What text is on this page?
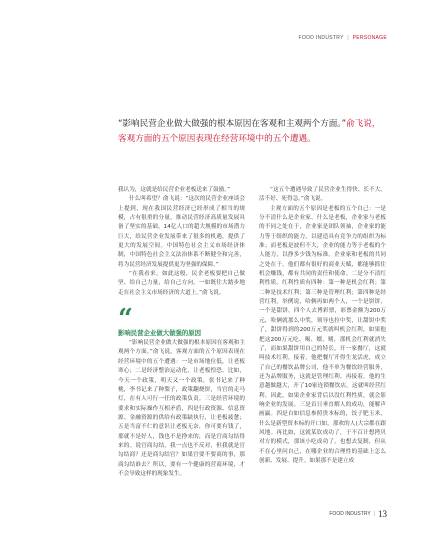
FOOD INDUSTRY | PERSONAGE
“影响民营企业做大做强的根本原因在客观和主观两个方面。”俞飞说，客观方面的五个原因表现在经营环境中的五个遭遇。

我认为，这就是给民营企业老板送来了鼓励。”

什么叫希望？俞飞说：“这次的民营企业座谈会上提到，现在我国民营经济已经形成了相当的规模，占有很重的分量。推动民营经济高质量发展具备了坚实的基础。14亿人口的超大规模的市场潜力巨大，给民营企业发展带来了很多的机遇，提供了更大的发展空间。中国特色社会主义市场经济体制，中国特色社会主义法治体系不断健全和完善，将为民营经济发展提供更为坚强的保障。”

“在我看来，如此这般，民企老板要把自己做坚、给自己力量，给自己方向，一如既往大踏步地走在社会主义市场经济的大道上。”俞飞说。

“
影响民营企业做大做强的原因

“影响民营企业做大做强的根本原因在客观和主观两个方面。”俞飞说，客观方面的五个原因表现在经营环境中的五个遭遇：一是市场地位低，让老板寒心；二是经济整治运动化，让老板惶恐。比如，今天一个政策，明天又一个政策，张书记来了种桃，李书记来了种梨子，政策翻烧饼，当官的走马灯，在有人可行一任的政策负责。三是经营环境的要求和实际操作互相矛盾，四是行政资源、信息资源、金融资源的供给有政策缺执行，让老板疲惫；五是当富不仁的意识让老板无奈，你可要有钱了，那就不是好人，钱也不是挣来的，而是官商勾结得来的。说官商勾结，我一点也不反对，但我就是官勾结商？还是商勾结官？如果官要不要商的事，那商勾结谁去？所以，要有一个健康的营商环境，才不会导致这样的现象发生。

“这五个遭遇导致了民营企业生得快、长不大、活不好、死得急。”俞飞说。

主观方面的五个原因是老板的五个自己：一是分不清什么是企业家、什么是老板，企业家与老板的不同之处在于，企业家是团队领袖，企业家的能力等于组织的能力，以建造具有竞争力的组织为标准；而老板是波但不大，企业的能力等于老板的个人能力，以挣多少钱为标准。企业家和老板的共同之处在于，他们都有很好的商业天赋，都能够抓住机会赚钱，都有共同的责任和使命。二是分不清红利性质。红利性质有四种：第一种是机会红利；第二种是技术红利；第三种是管理红利；第四种是经营红利。举例说，哈俩再如两个人，一个是饼饼，一个是甜饼，四个人去博彩票，彩票金额为200万元，哈俩就那么中奖，领导也拉中奖，让甜饼中奖了，甜饼得到的200万元奖就叫机会红利，如果他把这200万元吃、喝、嫖、赌，那机会红利就消失了，而如果甜饼用自己的特长，开一家餐厅，这就叫技术红利。接着，他把餐厅开得生龙活虎，成立了自己的餐饮品牌公司，他不单为餐饮经营服务，还为品牌服务，这就是管理红利。再接着，他的生意越做越大，开了10家连锁餐饮店，这就叫经营红利。因此，如果企业家背后以没红利性质，就会影响企业的发展。三是首日垂直解人的成功，能解声画赢。四是自如信息参照贵本标的，饺子肥玉米，什么是新型资本标的开口如，那欢的人(大宗都在跟风地。再比如，这就某钦成功了，于不百计想拷贝对方的模式，那该小吃成功了，也想去复制，但从不在心里问自己，在哪企业的合理性的基础上怎么创新、发展、提升。如果那不是建立成

FOOD INDUSTRY | 13
